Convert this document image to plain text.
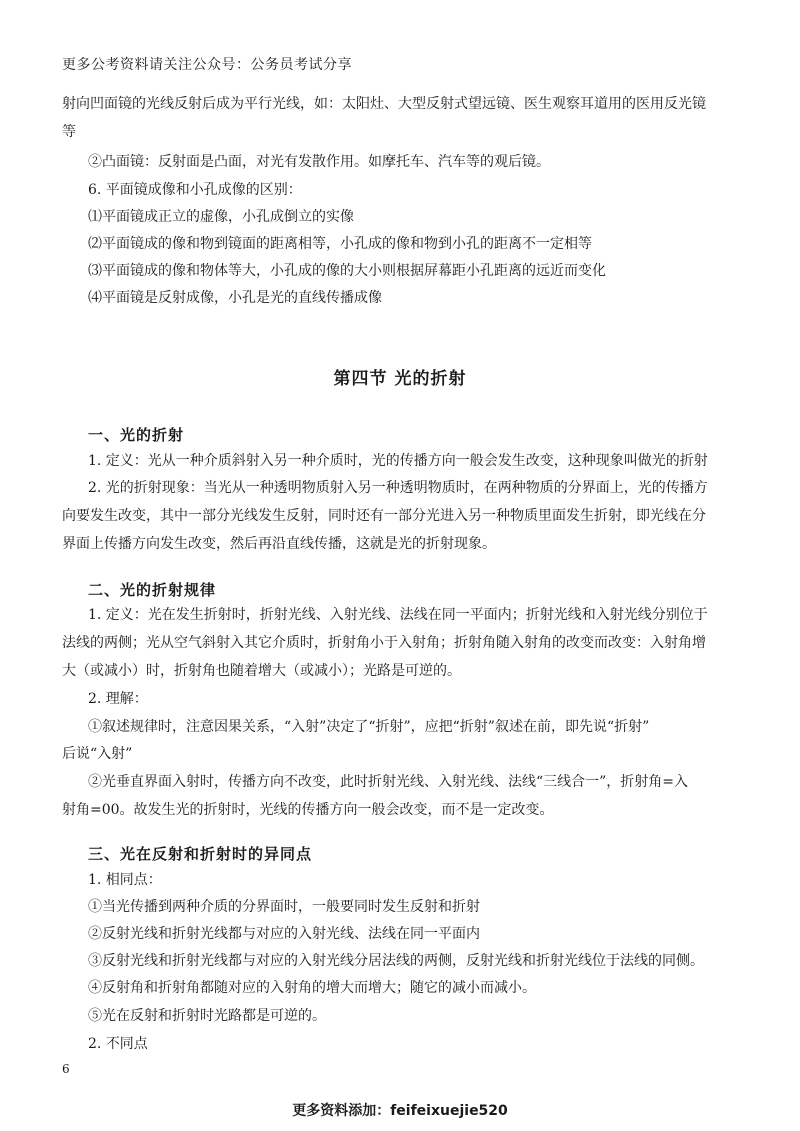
更多公考资料请关注公众号：公务员考试分享
射向凹面镜的光线反射后成为平行光线，如：太阳灶、大型反射式望远镜、医生观察耳道用的医用反光镜
等
②凸面镜：反射面是凸面，对光有发散作用。如摩托车、汽车等的观后镜。
6. 平面镜成像和小孔成像的区别：
⑴平面镜成正立的虚像，小孔成倒立的实像
⑵平面镜成的像和物到镜面的距离相等，小孔成的像和物到小孔的距离不一定相等
⑶平面镜成的像和物体等大，小孔成的像的大小则根据屏幕距小孔距离的远近而变化
⑷平面镜是反射成像，小孔是光的直线传播成像
第四节 光的折射
一、光的折射
1. 定义：光从一种介质斜射入另一种介质时，光的传播方向一般会发生改变，这种现象叫做光的折射
2. 光的折射现象：当光从一种透明物质射入另一种透明物质时，在两种物质的分界面上，光的传播方
向要发生改变，其中一部分光线发生反射，同时还有一部分光进入另一种物质里面发生折射，即光线在分
界面上传播方向发生改变，然后再沿直线传播，这就是光的折射现象。
二、光的折射规律
1. 定义：光在发生折射时，折射光线、入射光线、法线在同一平面内；折射光线和入射光线分别位于
法线的两侧；光从空气斜射入其它介质时，折射角小于入射角；折射角随入射角的改变而改变：入射角增
大（或减小）时，折射角也随着增大（或减小）；光路是可逆的。
2. 理解：
①叙述规律时，注意因果关系，“入射”决定了“折射”，应把“折射”叙述在前，即先说“折射”
后说“入射”
②光垂直界面入射时，传播方向不改变，此时折射光线、入射光线、法线“三线合一”，折射角=入
射角=00。故发生光的折射时，光线的传播方向一般会改变，而不是一定改变。
三、光在反射和折射时的异同点
1. 相同点：
①当光传播到两种介质的分界面时，一般要同时发生反射和折射
②反射光线和折射光线都与对应的入射光线、法线在同一平面内
③反射光线和折射光线都与对应的入射光线分居法线的两侧，反射光线和折射光线位于法线的同侧。
④反射角和折射角都随对应的入射角的增大而增大；随它的减小而减小。
⑤光在反射和折射时光路都是可逆的。
2. 不同点
6
更多资料添加：feifeixuejie520
